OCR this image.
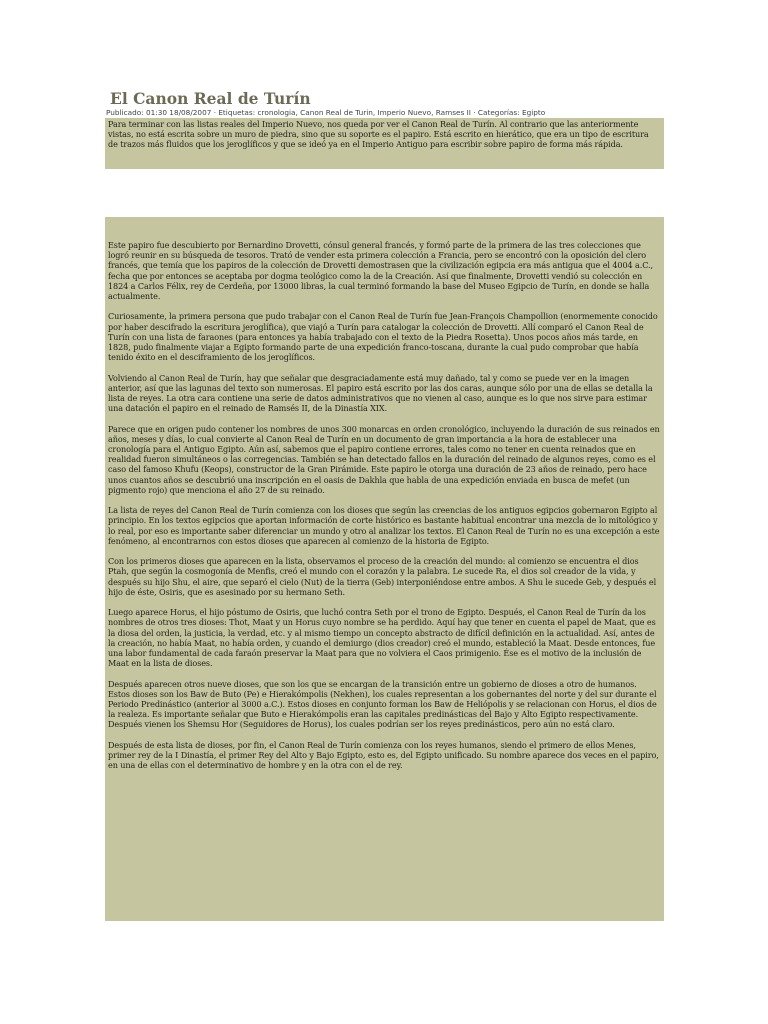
El Canon Real de Turín
Publicado: 01:30 18/08/2007 · Etiquetas: cronologia, Canon Real de Turin, Imperio Nuevo, Ramses II · Categorías: Egipto
Para terminar con las listas reales del Imperio Nuevo, nos queda por ver el Canon Real de Turín. Al contrario que las anteriormente vistas, no está escrita sobre un muro de piedra, sino que su soporte es el papiro. Está escrito en hierático, que era un tipo de escritura de trazos más fluidos que los jeroglíficos y que se ideó ya en el Imperio Antiguo para escribir sobre papiro de forma más rápida.

Este papiro fue descubierto por Bernardino Drovetti, cónsul general francés, y formó parte de la primera de las tres colecciones que logró reunir en su búsqueda de tesoros. Trató de vender esta primera colección a Francia, pero se encontró con la oposición del clero francés, que temía que los papiros de la colección de Drovetti demostrasen que la civilización egipcia era más antigua que el 4004 a.C., fecha que por entonces se aceptaba por dogma teológico como la de la Creación. Así que finalmente, Drovetti vendió su colección en 1824 a Carlos Félix, rey de Cerdeña, por 13000 libras, la cual terminó formando la base del Museo Egipcio de Turín, en donde se halla actualmente.

Curiosamente, la primera persona que pudo trabajar con el Canon Real de Turín fue Jean-François Champollion (enormemente conocido por haber descifrado la escritura jeroglífica), que viajó a Turín para catalogar la colección de Drovetti. Allí comparó el Canon Real de Turín con una lista de faraones (para entonces ya había trabajado con el texto de la Piedra Rosetta). Unos pocos años más tarde, en 1828, pudo finalmente viajar a Egipto formando parte de una expedición franco-toscana, durante la cual pudo comprobar que había tenido éxito en el desciframiento de los jeroglíficos.

Volviendo al Canon Real de Turín, hay que señalar que desgraciadamente está muy dañado, tal y como se puede ver en la imagen anterior, así que las lagunas del texto son numerosas. El papiro está escrito por las dos caras, aunque sólo por una de ellas se detalla la lista de reyes. La otra cara contiene una serie de datos administrativos que no vienen al caso, aunque es lo que nos sirve para estimar una datación el papiro en el reinado de Ramsés II, de la Dinastía XIX.

Parece que en origen pudo contener los nombres de unos 300 monarcas en orden cronológico, incluyendo la duración de sus reinados en años, meses y días, lo cual convierte al Canon Real de Turín en un documento de gran importancia a la hora de establecer una cronología para el Antiguo Egipto. Aún así, sabemos que el papiro contiene errores, tales como no tener en cuenta reinados que en realidad fueron simultáneos o las corregencias. También se han detectado fallos en la duración del reinado de algunos reyes, como es el caso del famoso Khufu (Keops), constructor de la Gran Pirámide. Este papiro le otorga una duración de 23 años de reinado, pero hace unos cuantos años se descubrió una inscripción en el oasis de Dakhla que habla de una expedición enviada en busca de mefet (un pigmento rojo) que menciona el año 27 de su reinado.

La lista de reyes del Canon Real de Turín comienza con los dioses que según las creencias de los antiguos egipcios gobernaron Egipto al principio. En los textos egipcios que aportan información de corte histórico es bastante habitual encontrar una mezcla de lo mitológico y lo real, por eso es importante saber diferenciar un mundo y otro al analizar los textos. El Canon Real de Turín no es una excepción a este fenómeno, al encontrarnos con estos dioses que aparecen al comienzo de la historia de Egipto.

Con los primeros dioses que aparecen en la lista, observamos el proceso de la creación del mundo: al comienzo se encuentra el dios Ptah, que según la cosmogonía de Menfis, creó el mundo con el corazón y la palabra. Le sucede Ra, el dios sol creador de la vida, y después su hijo Shu, el aire, que separó el cielo (Nut) de la tierra (Geb) interponiéndose entre ambos. A Shu le sucede Geb, y después el hijo de éste, Osiris, que es asesinado por su hermano Seth.

Luego aparece Horus, el hijo póstumo de Osiris, que luchó contra Seth por el trono de Egipto. Después, el Canon Real de Turín da los nombres de otros tres dioses: Thot, Maat y un Horus cuyo nombre se ha perdido. Aquí hay que tener en cuenta el papel de Maat, que es la diosa del orden, la justicia, la verdad, etc. y al mismo tiempo un concepto abstracto de difícil definición en la actualidad. Así, antes de la creación, no había Maat, no había orden, y cuando el demiurgo (dios creador) creó el mundo, estableció la Maat. Desde entonces, fue una labor fundamental de cada faraón preservar la Maat para que no volviera el Caos primigenio. Ése es el motivo de la inclusión de Maat en la lista de dioses.

Después aparecen otros nueve dioses, que son los que se encargan de la transición entre un gobierno de dioses a otro de humanos. Estos dioses son los Baw de Buto (Pe) e Hierakómpolis (Nekhen), los cuales representan a los gobernantes del norte y del sur durante el Periodo Predinástico (anterior al 3000 a.C.). Estos dioses en conjunto forman los Baw de Heliópolis y se relacionan con Horus, el dios de la realeza. Es importante señalar que Buto e Hierakómpolis eran las capitales predinásticas del Bajo y Alto Egipto respectivamente. Después vienen los Shemsu Hor (Seguidores de Horus), los cuales podrían ser los reyes predinásticos, pero aún no está claro.

Después de esta lista de dioses, por fin, el Canon Real de Turín comienza con los reyes humanos, siendo el primero de ellos Menes, primer rey de la I Dinastía, el primer Rey del Alto y Bajo Egipto, esto es, del Egipto unificado. Su nombre aparece dos veces en el papiro, en una de ellas con el determinativo de hombre y en la otra con el de rey.
